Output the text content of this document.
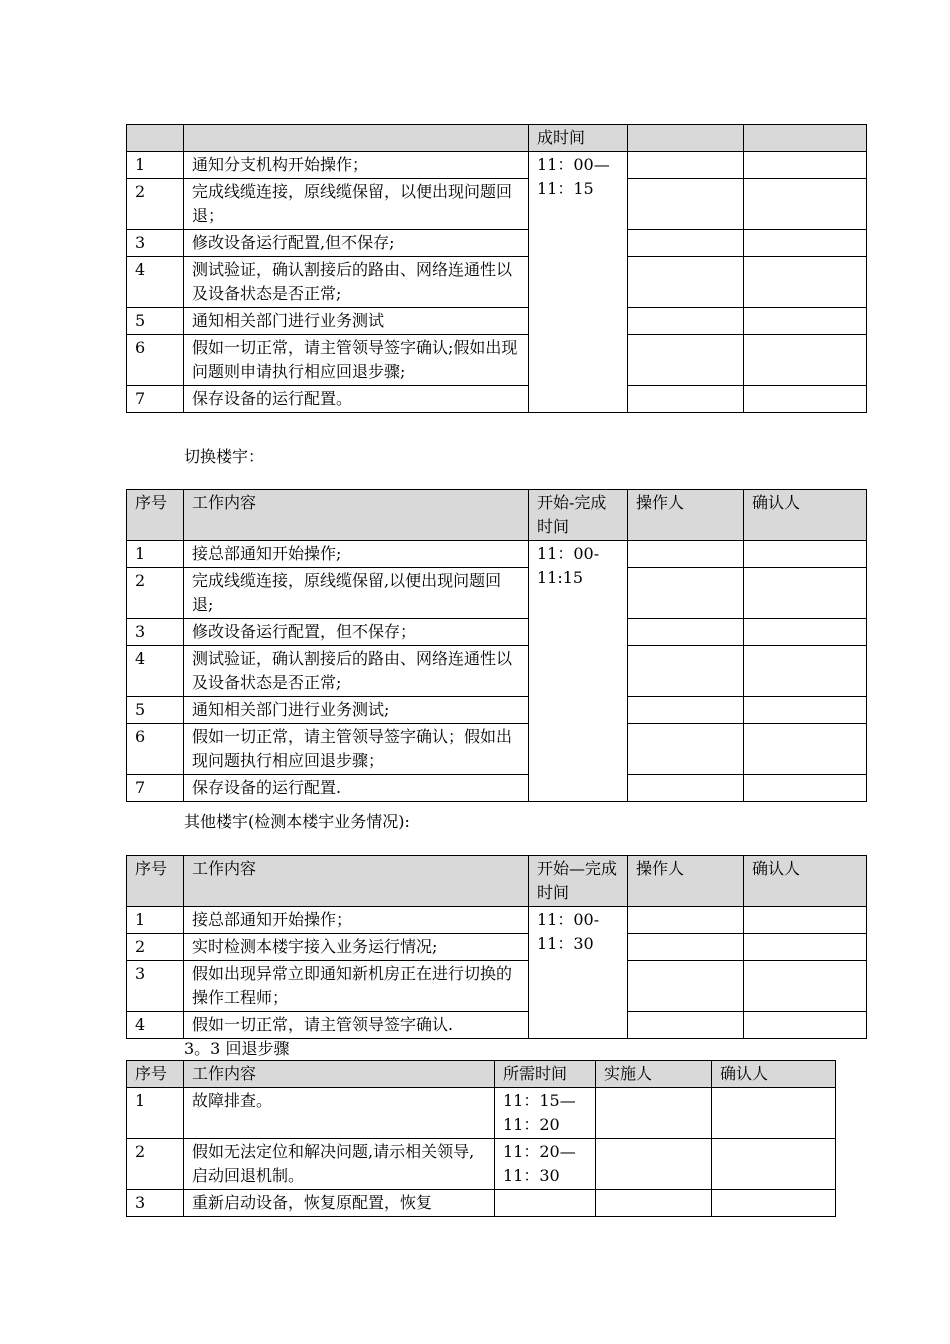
		成时间		
1	通知分支机构开始操作；	11：00—
11：15		

2	完成线缆连接，原线缆保留，以便出现问题回退；			
3	修改设备运行配置,但不保存;			
4	测试验证，确认割接后的路由、网络连通性以及设备状态是否正常;			
5	通知相关部门进行业务测试			
6	假如一切正常，请主管领导签字确认;假如出现问题则申请执行相应回退步骤;			
7	保存设备的运行配置。			
切换楼宇：
序号	工作内容	开始-完成时间	操作人	确认人
1	接总部通知开始操作;	11：00-
11:15		

2	完成线缆连接，原线缆保留,以便出现问题回退;			
3	修改设备运行配置，但不保存；			
4	测试验证，确认割接后的路由、网络连通性以及设备状态是否正常;			
5	通知相关部门进行业务测试;			
6	假如一切正常，请主管领导签字确认；假如出现问题执行相应回退步骤；			
7	保存设备的运行配置.			
其他楼宇(检测本楼宇业务情况):
序号	工作内容	开始—完成时间	操作人	确认人
1	接总部通知开始操作；	11：00-
11：30		

2	实时检测本楼宇接入业务运行情况;			
3	假如出现异常立即通知新机房正在进行切换的操作工程师；			
4	假如一切正常，请主管领导签字确认.			
3。3 回退步骤
序号	工作内容	所需时间	实施人	确认人
1	故障排查。	11：15—11：20		
2	假如无法定位和解决问题,请示相关领导,启动回退机制。	11：20—11：30		
3	重新启动设备，恢复原配置，恢复			
